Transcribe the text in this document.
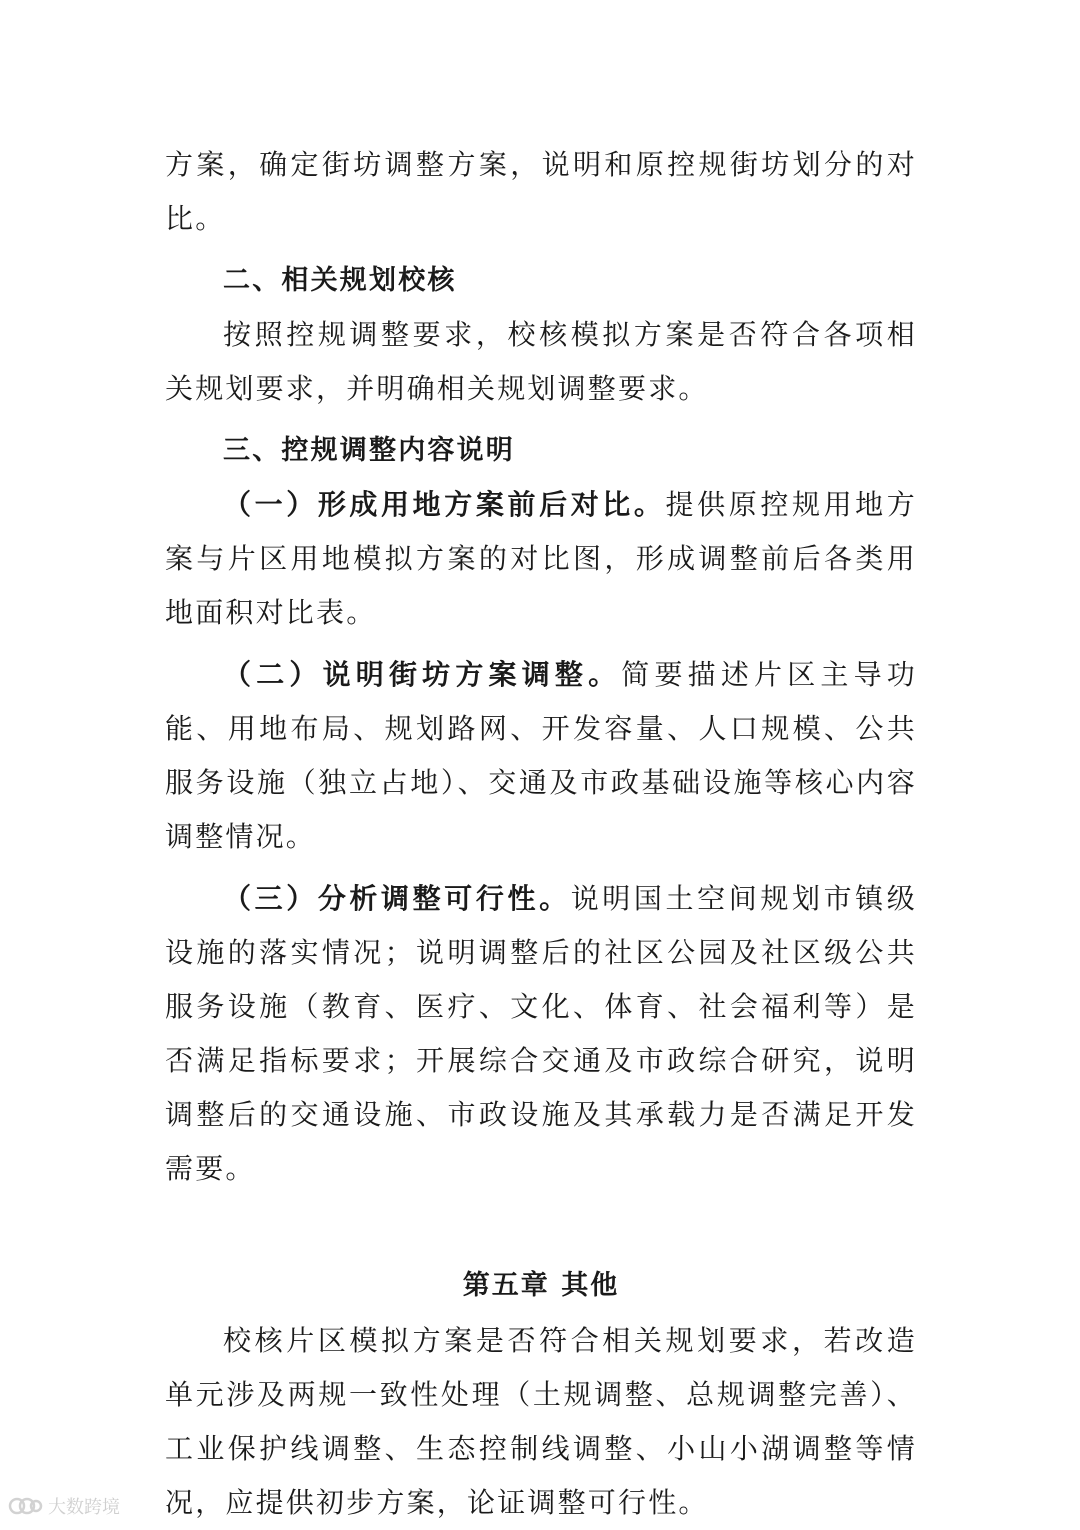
方案，确定街坊调整方案，说明和原控规街坊划分的对比。

二、相关规划校核

按照控规调整要求，校核模拟方案是否符合各项相关规划要求，并明确相关规划调整要求。

三、控规调整内容说明

（一）形成用地方案前后对比。提供原控规用地方案与片区用地模拟方案的对比图，形成调整前后各类用地面积对比表。

（二）说明街坊方案调整。简要描述片区主导功能、用地布局、规划路网、开发容量、人口规模、公共服务设施（独立占地）、交通及市政基础设施等核心内容调整情况。

（三）分析调整可行性。说明国土空间规划市镇级设施的落实情况；说明调整后的社区公园及社区级公共服务设施（教育、医疗、文化、体育、社会福利等）是否满足指标要求；开展综合交通及市政综合研究，说明调整后的交通设施、市政设施及其承载力是否满足开发需要。

第五章 其他

校核片区模拟方案是否符合相关规划要求，若改造单元涉及两规一致性处理（土规调整、总规调整完善）、工业保护线调整、生态控制线调整、小山小湖调整等情况，应提供初步方案，论证调整可行性。

大数跨境
